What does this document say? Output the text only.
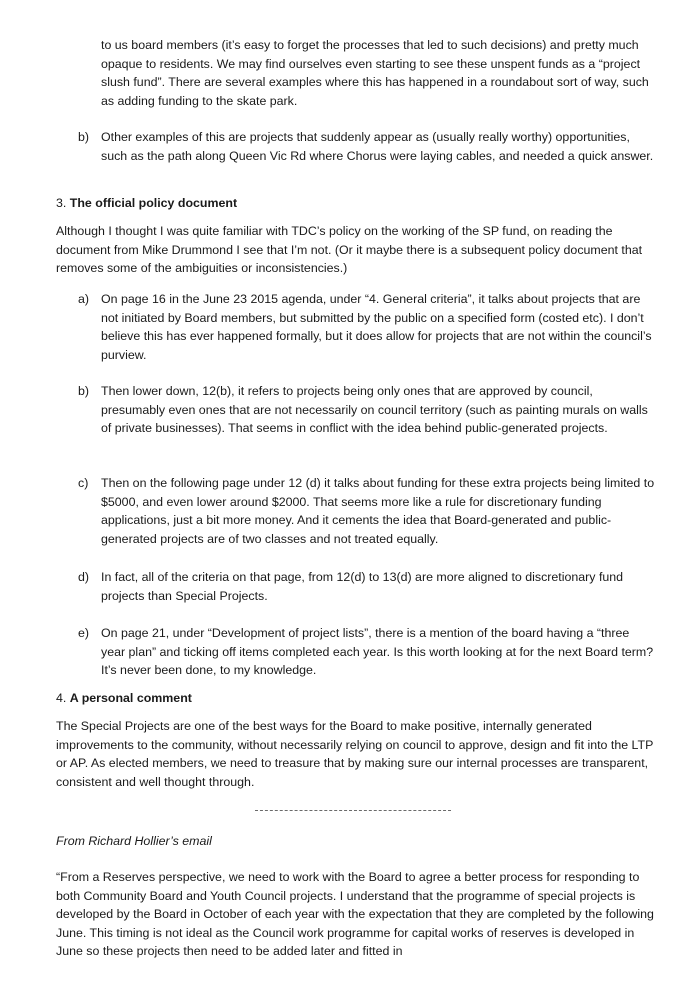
to us board members (it’s easy to forget the processes that led to such decisions) and pretty much opaque to residents. We may find ourselves even starting to see these unspent funds as a “project slush fund”. There are several examples where this has happened in a roundabout sort of way, such as adding funding to the skate park.

b) Other examples of this are projects that suddenly appear as (usually really worthy) opportunities, such as the path along Queen Vic Rd where Chorus were laying cables, and needed a quick answer.

3. The official policy document

Although I thought I was quite familiar with TDC’s policy on the working of the SP fund, on reading the document from Mike Drummond I see that I’m not. (Or it maybe there is a subsequent policy document that removes some of the ambiguities or inconsistencies.)

a) On page 16 in the June 23 2015 agenda, under “4. General criteria”, it talks about projects that are not initiated by Board members, but submitted by the public on a specified form (costed etc). I don’t believe this has ever happened formally, but it does allow for projects that are not within the council’s purview.

b) Then lower down, 12(b), it refers to projects being only ones that are approved by council, presumably even ones that are not necessarily on council territory (such as painting murals on walls of private businesses). That seems in conflict with the idea behind public-generated projects.

c) Then on the following page under 12 (d) it talks about funding for these extra projects being limited to $5000, and even lower around $2000. That seems more like a rule for discretionary funding applications, just a bit more money. And it cements the idea that Board-generated and public-generated projects are of two classes and not treated equally.

d) In fact, all of the criteria on that page, from 12(d) to 13(d) are more aligned to discretionary fund projects than Special Projects.

e) On page 21, under “Development of project lists”, there is a mention of the board having a “three year plan” and ticking off items completed each year. Is this worth looking at for the next Board term? It’s never been done, to my knowledge.

4. A personal comment

The Special Projects are one of the best ways for the Board to make positive, internally generated improvements to the community, without necessarily relying on council to approve, design and fit into the LTP or AP. As elected members, we need to treasure that by making sure our internal processes are transparent, consistent and well thought through.

From Richard Hollier’s email

“From a Reserves perspective, we need to work with the Board to agree a better process for responding to both Community Board and Youth Council projects. I understand that the programme of special projects is developed by the Board in October of each year with the expectation that they are completed by the following June. This timing is not ideal as the Council work programme for capital works of reserves is developed in June so these projects then need to be added later and fitted in
